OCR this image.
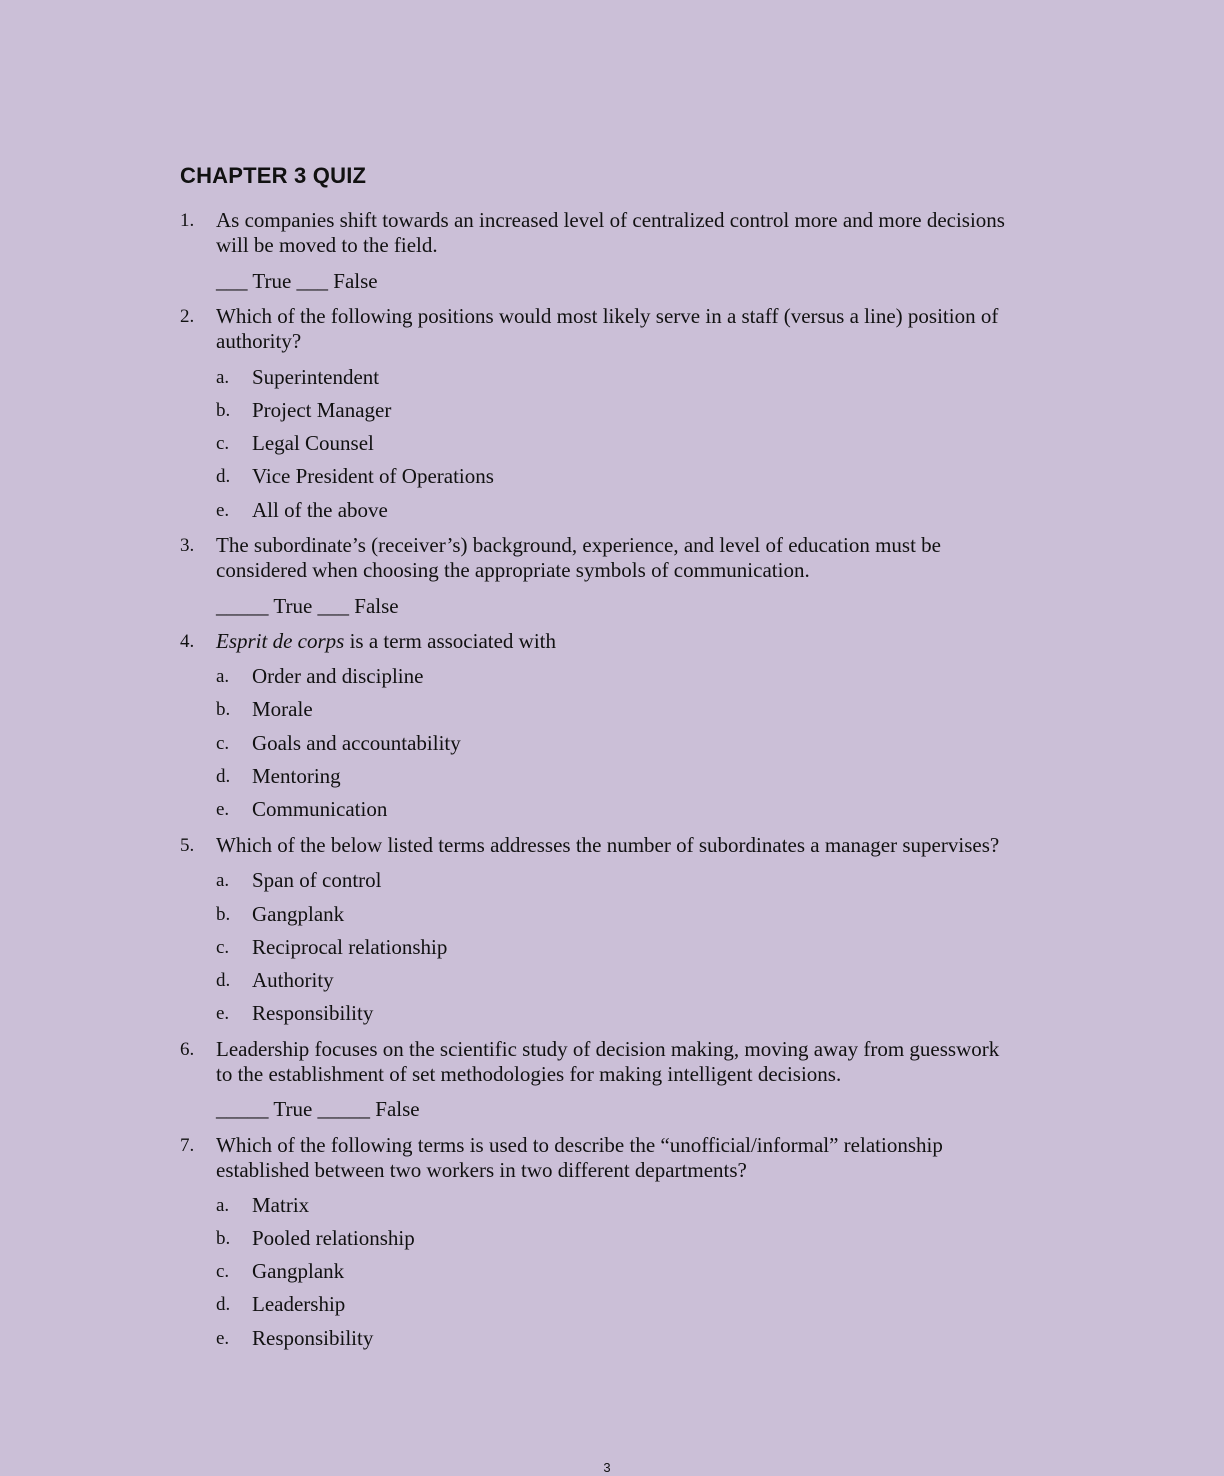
CHAPTER 3 QUIZ
1.	As companies shift towards an increased level of centralized control more and more decisions
will be moved to the field.
___ True ___ False
2.	Which of the following positions would most likely serve in a staff (versus a line) position of
authority?
a. Superintendent
b. Project Manager
c. Legal Counsel
d. Vice President of Operations
e. All of the above
3.	The subordinate’s (receiver’s) background, experience, and level of education must be
considered when choosing the appropriate symbols of communication.
_____ True ___ False
4.	Esprit de corps is a term associated with
a. Order and discipline
b. Morale
c. Goals and accountability
d. Mentoring
e. Communication
5.	Which of the below listed terms addresses the number of subordinates a manager supervises?
a. Span of control
b. Gangplank
c. Reciprocal relationship
d. Authority
e. Responsibility
6.	Leadership focuses on the scientific study of decision making, moving away from guesswork
to the establishment of set methodologies for making intelligent decisions.
_____ True _____ False
7.	Which of the following terms is used to describe the “unofficial/informal” relationship
established between two workers in two different departments?
a. Matrix
b. Pooled relationship
c. Gangplank
d. Leadership
e. Responsibility
3
